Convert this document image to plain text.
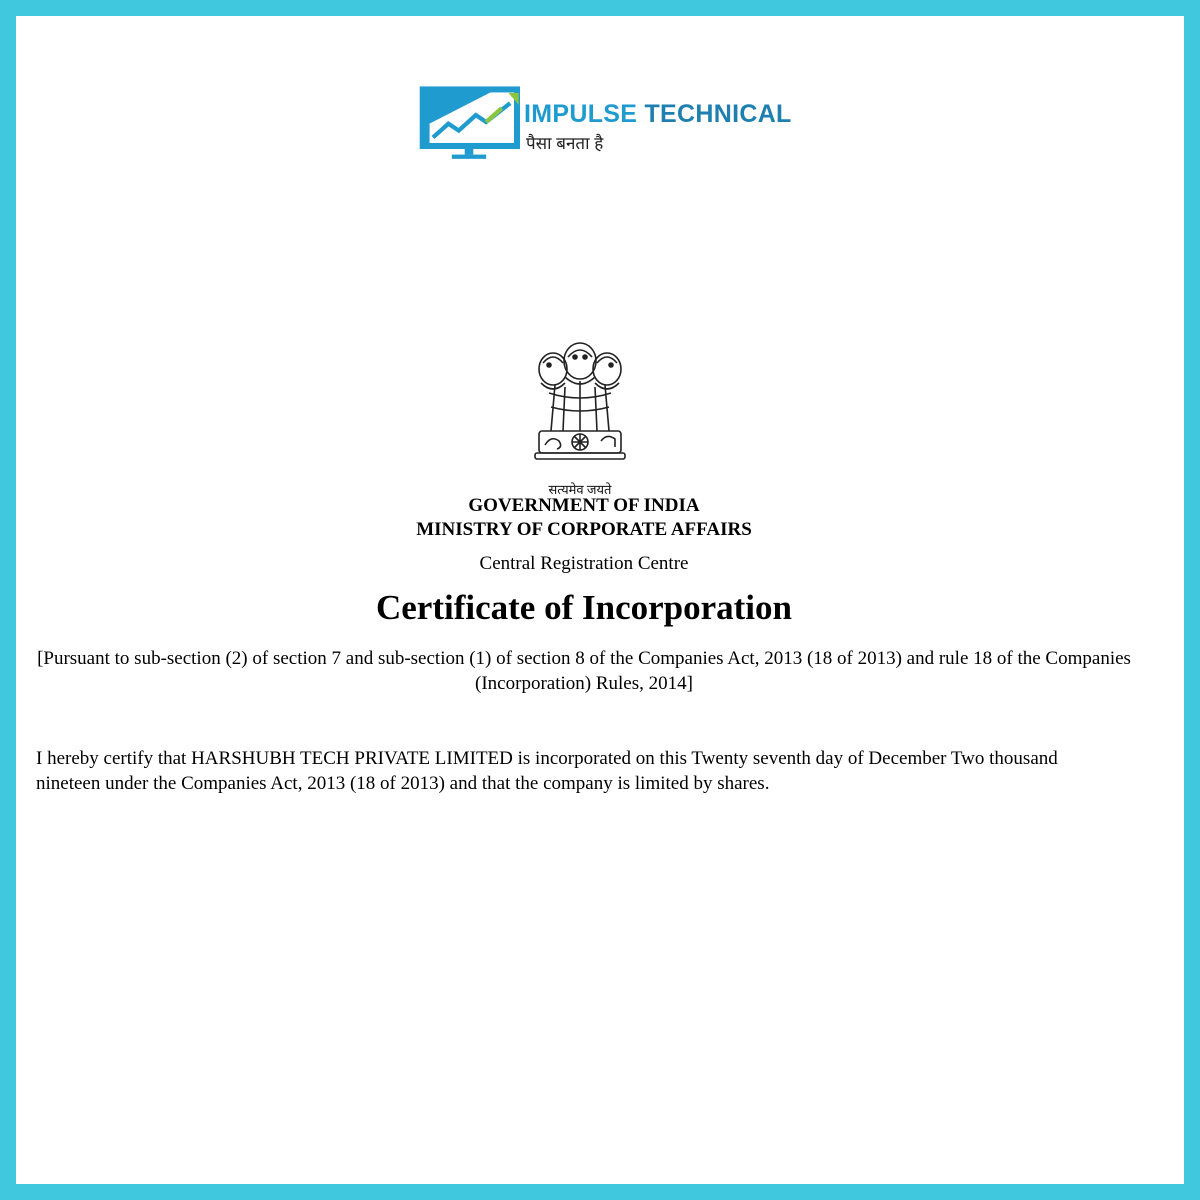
IMPULSE TECHNICAL
पैसा बनता है
सत्यमेव जयते
GOVERNMENT OF INDIA
MINISTRY OF CORPORATE AFFAIRS
Central Registration Centre
Certificate of Incorporation
[Pursuant to sub-section (2) of section 7 and sub-section (1) of section 8 of the Companies Act, 2013 (18 of 2013) and rule 18 of the Companies (Incorporation) Rules, 2014]
I hereby certify that HARSHUBH TECH PRIVATE LIMITED is incorporated on this Twenty seventh day of December Two thousand nineteen under the Companies Act, 2013 (18 of 2013) and that the company is limited by shares.
